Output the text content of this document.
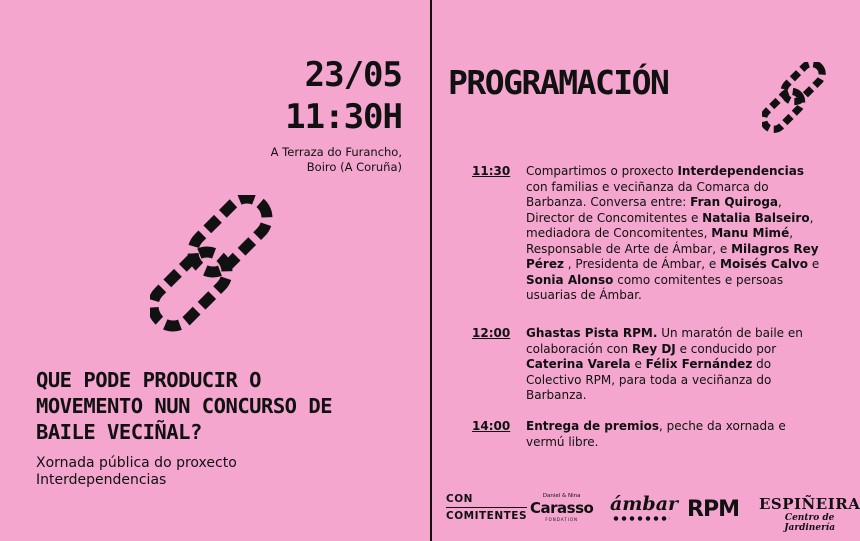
23/05
11:30H
A Terraza do Furancho,
Boiro (A Coruña)
QUE PODE PRODUCIR O MOVEMENTO NUN CONCURSO DE BAILE VECIÑAL?
Xornada pública do proxecto Interdependencias
PROGRAMACIÓN
11:30 Compartimos o proxecto Interdependencias con familias e veciñanza da Comarca do Barbanza. Conversa entre: Fran Quiroga, Director de Concomitentes e Natalia Balseiro, mediadora de Concomitentes, Manu Mimé, Responsable de Arte de Ámbar, e Milagros Rey Pérez , Presidenta de Ámbar, e Moisés Calvo e Sonia Alonso como comitentes e persoas usuarias de Ámbar.
12:00 Ghastas Pista RPM. Un maratón de baile en colaboración con Rey DJ e conducido por Caterina Varela e Félix Fernández do Colectivo RPM, para toda a veciñanza do Barbanza.
14:00 Entrega de premios, peche da xornada e vermú libre.
CON
COMITENTES
Daniel & Nina
Carasso
FONDATION
ámbar RPM ESPIÑEIRA
Centro de Jardinería
